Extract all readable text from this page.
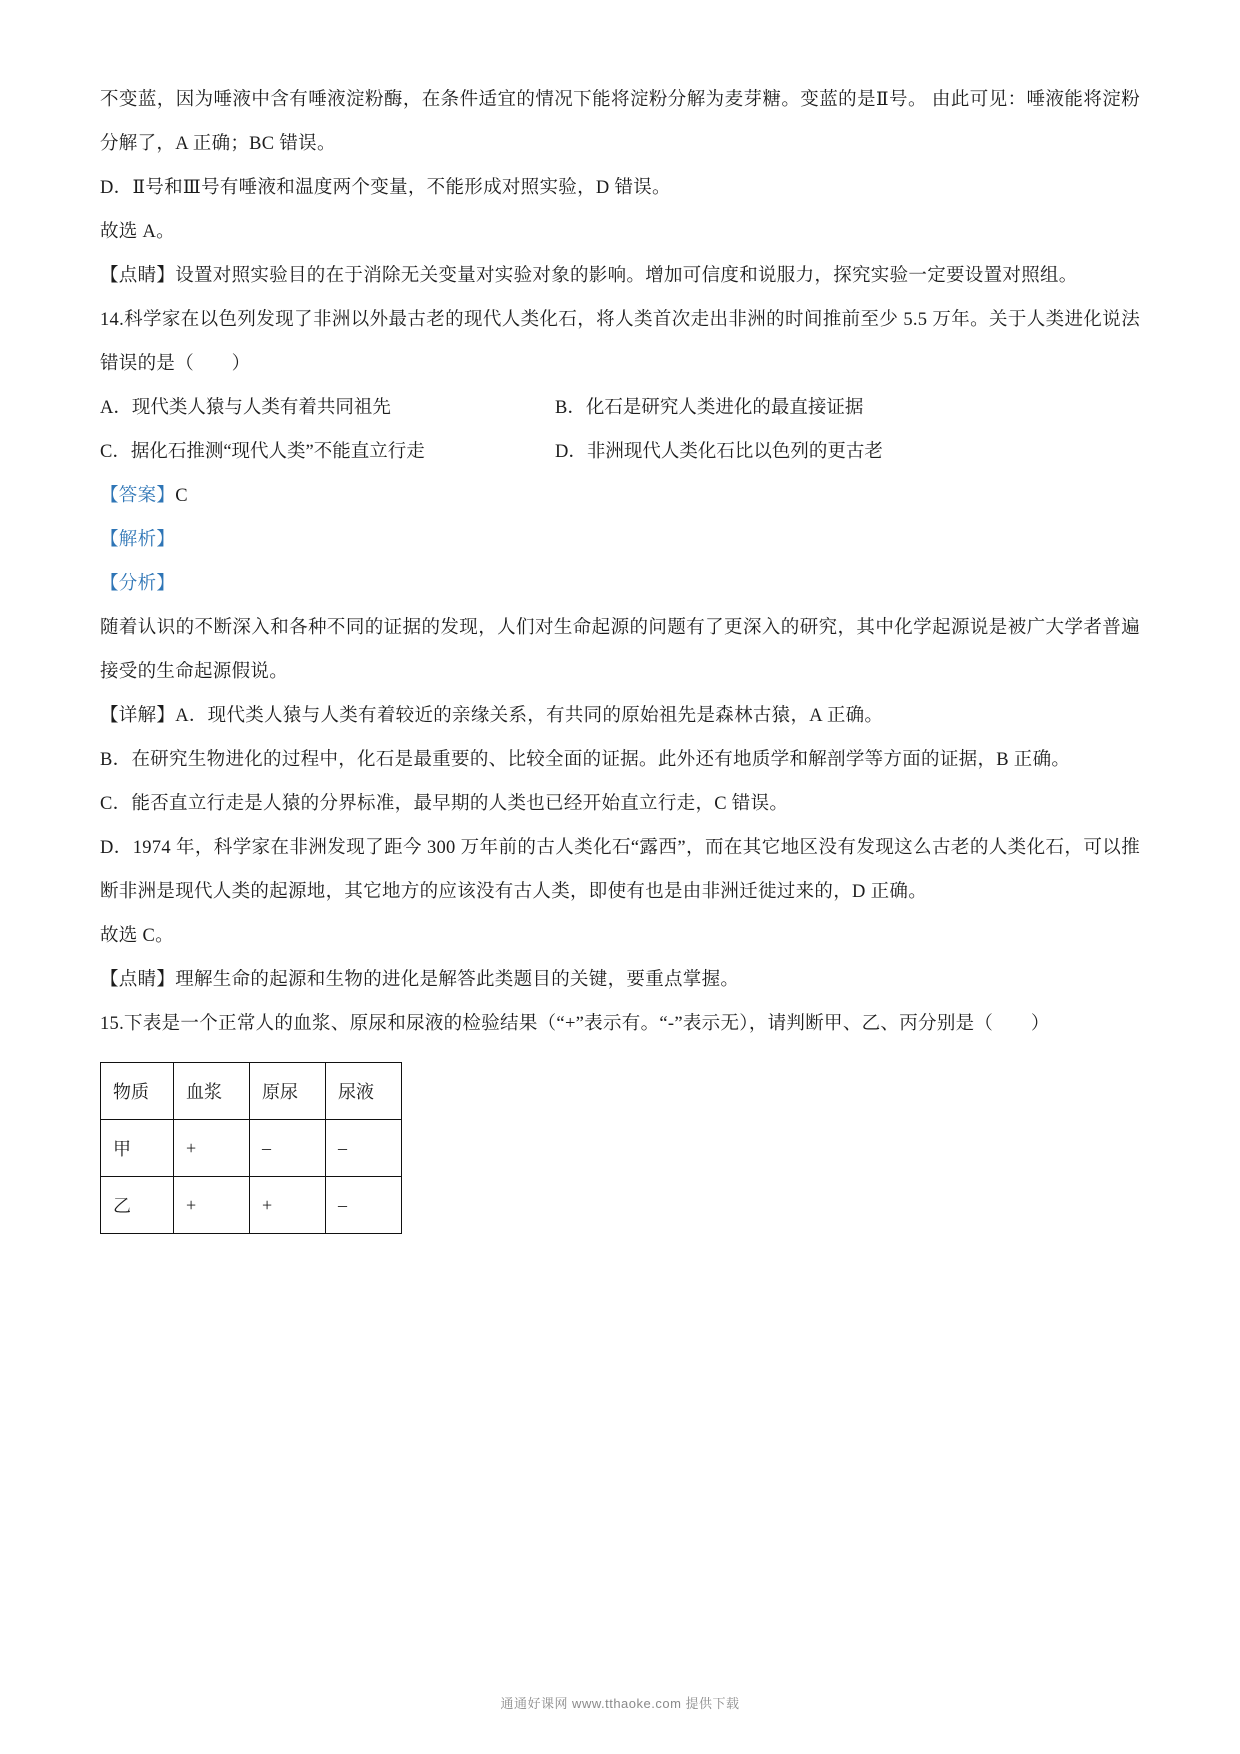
不变蓝，因为唾液中含有唾液淀粉酶，在条件适宜的情况下能将淀粉分解为麦芽糖。变蓝的是Ⅱ号。 由此可见：唾液能将淀粉分解了，A 正确；BC 错误。
D．Ⅱ号和Ⅲ号有唾液和温度两个变量，不能形成对照实验，D 错误。
故选 A。
【点睛】设置对照实验目的在于消除无关变量对实验对象的影响。增加可信度和说服力，探究实验一定要设置对照组。
14.科学家在以色列发现了非洲以外最古老的现代人类化石，将人类首次走出非洲的时间推前至少 5.5 万年。关于人类进化说法错误的是（　　）
A．现代类人猿与人类有着共同祖先	B．化石是研究人类进化的最直接证据
C．据化石推测“现代人类”不能直立行走	D．非洲现代人类化石比以色列的更古老
【答案】C
【解析】
【分析】
随着认识的不断深入和各种不同的证据的发现，人们对生命起源的问题有了更深入的研究，其中化学起源说是被广大学者普遍接受的生命起源假说。
【详解】A．现代类人猿与人类有着较近的亲缘关系，有共同的原始祖先是森林古猿，A 正确。
B．在研究生物进化的过程中，化石是最重要的、比较全面的证据。此外还有地质学和解剖学等方面的证据，B 正确。
C．能否直立行走是人猿的分界标准，最早期的人类也已经开始直立行走，C 错误。
D．1974 年，科学家在非洲发现了距今 300 万年前的古人类化石“露西”，而在其它地区没有发现这么古老的人类化石，可以推断非洲是现代人类的起源地，其它地方的应该没有古人类，即使有也是由非洲迁徙过来的，D 正确。
故选 C。
【点睛】理解生命的起源和生物的进化是解答此类题目的关键，要重点掌握。
15.下表是一个正常人的血浆、原尿和尿液的检验结果（“+”表示有。“-”表示无），请判断甲、乙、丙分别是（　　）
物质	血浆	原尿	尿液
甲	+	–	–
乙	+	+	–
通通好课网 www.tthaoke.com 提供下载
